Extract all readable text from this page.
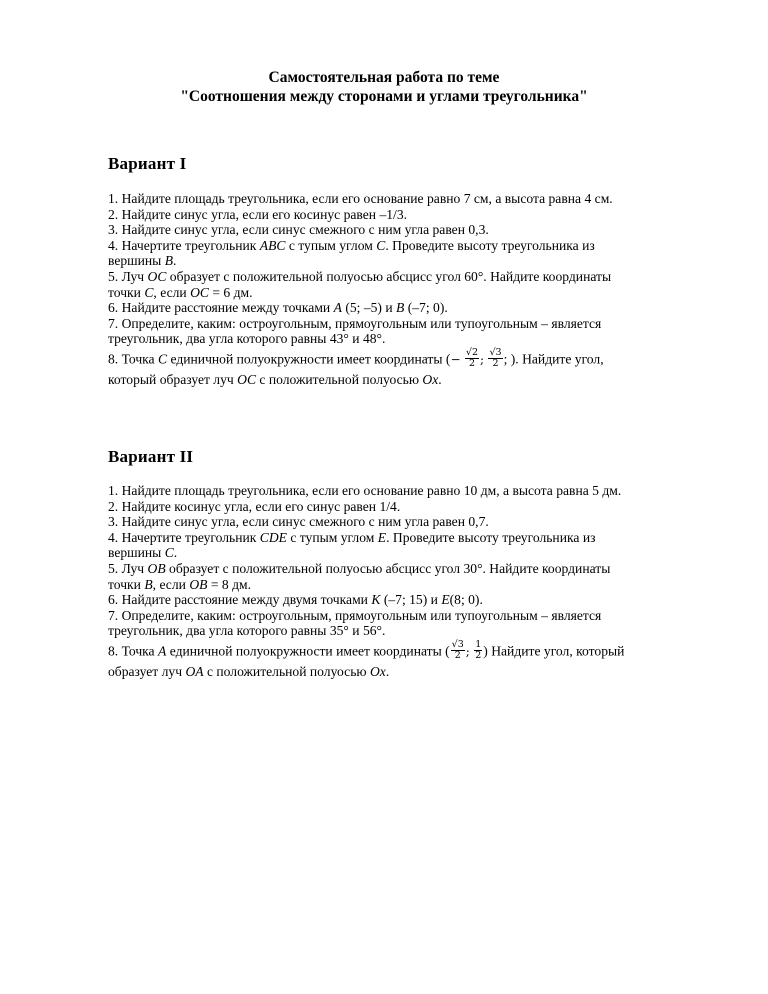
Самостоятельная работа по теме
"Соотношения между сторонами и углами треугольника"
Вариант I
1. Найдите площадь треугольника, если его основание равно 7 см, а высота равна 4 см.
2. Найдите синус угла, если его косинус равен –1/3.
3. Найдите синус угла, если синус смежного с ним угла равен 0,3.
4. Начертите треугольник ABC с тупым углом C. Проведите высоту треугольника из
вершины B.
5. Луч OC образует с положительной полуосью абсцисс угол 60°. Найдите координаты
точки C, если OC = 6 дм.
6. Найдите расстояние между точками A (5; –5) и B (–7; 0).
7. Определите, каким: остроугольным, прямоугольным или тупоугольным – является
треугольник, два угла которого равны 43° и 48°.
8. Точка C единичной полуокружности имеет координаты (− $\frac{√2}{2}$ ; $\frac{√3}{2}$ ; ). Найдите угол,
который образует луч OC с положительной полуосью Ox.
Вариант II
1. Найдите площадь треугольника, если его основание равно 10 дм, а высота равна 5 дм.
2. Найдите косинус угла, если его синус равен 1/4.
3. Найдите синус угла, если синус смежного с ним угла равен 0,7.
4. Начертите треугольник CDE с тупым углом E. Проведите высоту треугольника из
вершины C.
5. Луч OB образует с положительной полуосью абсцисс угол 30°. Найдите координаты
точки B, если OB = 8 дм.
6. Найдите расстояние между двумя точками K (–7; 15) и E(8; 0).
7. Определите, каким: остроугольным, прямоугольным или тупоугольным – является
треугольник, два угла которого равны 35° и 56°.
8. Точка A единичной полуокружности имеет координаты ( $\frac{√3}{2}$ ; $\frac{1}{2}$ ) Найдите угол, который
образует луч OA с положительной полуосью Ox.
